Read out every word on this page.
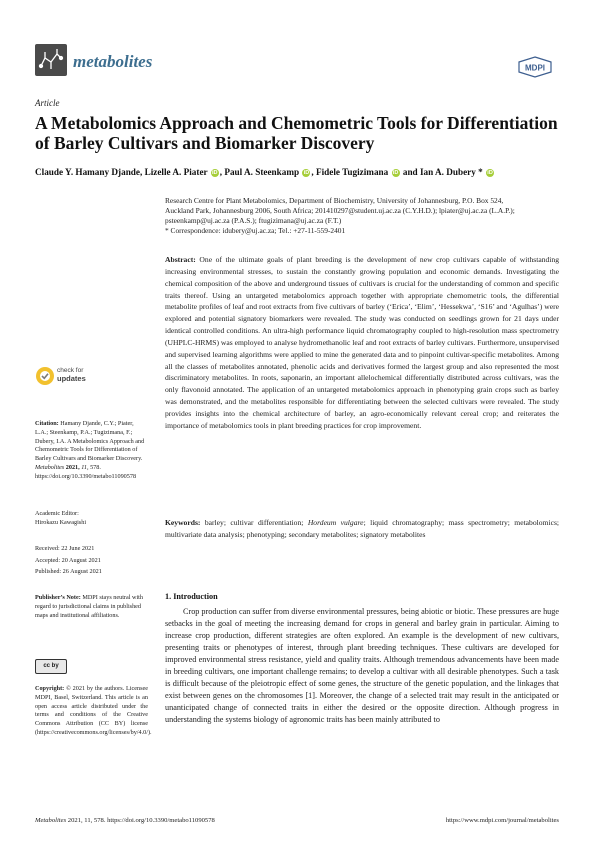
metabolites	MDPI
Article
A Metabolomics Approach and Chemometric Tools for Differentiation of Barley Cultivars and Biomarker Discovery
Claude Y. Hamany Djande, Lizelle A. Piater iD , Paul A. Steenkamp iD , Fidele Tugizimana iD and Ian A. Dubery * iD
Research Centre for Plant Metabolomics, Department of Biochemistry, University of Johannesburg, P.O. Box 524,
Auckland Park, Johannesburg 2006, South Africa; 201410297@student.uj.ac.za (C.Y.H.D.); lpiater@uj.ac.za (L.A.P.);
psteenkamp@uj.ac.za (P.A.S.); ftugizimana@uj.ac.za (F.T.)
* Correspondence: idubery@uj.ac.za; Tel.: +27-11-559-2401
Abstract: One of the ultimate goals of plant breeding is the development of new crop cultivars capable of withstanding increasing environmental stresses, to sustain the constantly growing population and economic demands. Investigating the chemical composition of the above and underground tissues of cultivars is crucial for the understanding of common and specific traits thereof. Using an untargeted metabolomics approach together with appropriate chemometric tools, the differential metabolite profiles of leaf and root extracts from five cultivars of barley (‘Erica’, ‘Elim’, ‘Hessekwa’, ‘S16’ and ‘Agulhas’) were explored and potential signatory biomarkers were revealed. The study was conducted on seedlings grown for 21 days under identical controlled conditions. An ultra-high performance liquid chromatography coupled to high-resolution mass spectrometry (UHPLC-HRMS) was employed to analyse hydromethanolic leaf and root extracts of barley cultivars. Furthermore, unsupervised and supervised learning algorithms were applied to mine the generated data and to pinpoint cultivar-specific metabolites. Among all the classes of metabolites annotated, phenolic acids and derivatives formed the largest group and also represented the most discriminatory metabolites. In roots, saponarin, an important allelochemical differentially distributed across cultivars, was the only flavonoid annotated. The application of an untargeted metabolomics approach in phenotyping grain crops such as barley was demonstrated, and the metabolites responsible for differentiating between the selected cultivars were revealed. The study provides insights into the chemical architecture of barley, an agro-economically relevant cereal crop; and reiterates the importance of metabolomics tools in plant breeding practices for crop improvement.
Keywords: barley; cultivar differentiation; Hordeum vulgare; liquid chromatography; mass spectrometry; metabolomics; multivariate data analysis; phenotyping; secondary metabolites; signatory metabolites
check for
updates

Citation: Hamany Djande, C.Y.; Piater, L.A.; Steenkamp, P.A.; Tugizimana, F.; Dubery, I.A. A Metabolomics Approach and Chemometric Tools for Differentiation of Barley Cultivars and Biomarker Discovery. Metabolites 2021, 11, 578. https://doi.org/10.3390/metabo11090578

Academic Editor:

Hirokazu Kawagishi

Received: 22 June 2021

Accepted: 20 August 2021

Published: 26 August 2021

Publisher’s Note: MDPI stays neutral with regard to jurisdictional claims in published maps and institutional affiliations.

cc by

Copyright: © 2021 by the authors. Licensee MDPI, Basel, Switzerland. This article is an open access article distributed under the terms and conditions of the Creative Commons Attribution (CC BY) license (https://creativecommons.org/licenses/by/4.0/).

1. Introduction

Crop production can suffer from diverse environmental pressures, being abiotic or biotic. These pressures are huge setbacks in the goal of meeting the increasing demand for crops in general and barley grain in particular. Aiming to increase crop production, different strategies are often explored. An example is the development of new cultivars, presenting traits or phenotypes of interest, through plant breeding techniques. These cultivars are developed for improved environmental stress resistance, yield and quality traits. Although tremendous advancements have been made in breeding cultivars, one important challenge remains; to develop a cultivar with all desirable phenotypes. Such a task is difficult because of the pleiotropic effect of some genes, the structure of the genetic population, and the linkages that exist between genes on the chromosomes [1]. Moreover, the change of a selected trait may result in the anticipated or unanticipated change of connected traits in either the desired or the opposite direction. Although progress in understanding the systems biology of agronomic traits has been mainly attributed to

Metabolites 2021, 11, 578. https://doi.org/10.3390/metabo11090578	https://www.mdpi.com/journal/metabolites
